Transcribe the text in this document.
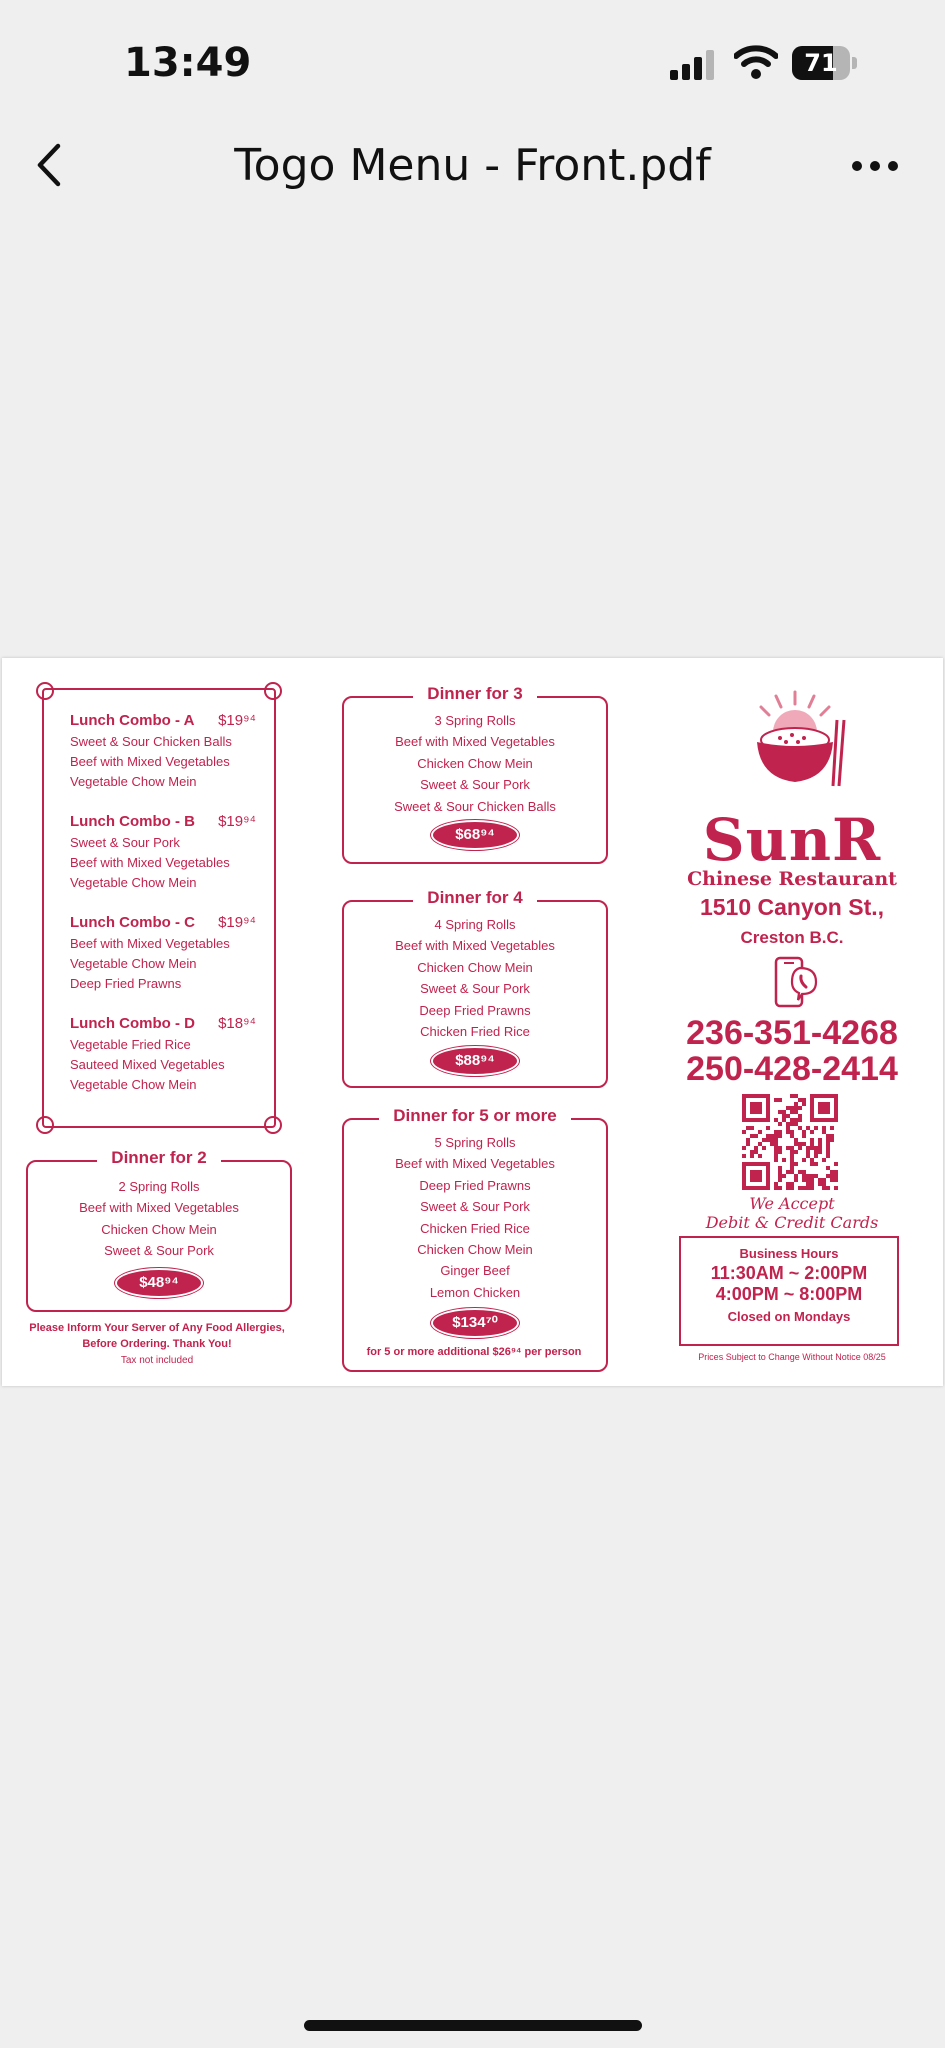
13:49	71
Togo Menu - Front.pdf
Lunch Combo - A $19⁹⁴
Sweet & Sour Chicken Balls
Beef with Mixed Vegetables
Vegetable Chow Mein
Lunch Combo - B $19⁹⁴
Sweet & Sour Pork
Beef with Mixed Vegetables
Vegetable Chow Mein
Lunch Combo - C $19⁹⁴
Beef with Mixed Vegetables
Vegetable Chow Mein
Deep Fried Prawns
Lunch Combo - D $18⁹⁴
Vegetable Fried Rice
Sauteed Mixed Vegetables
Vegetable Chow Mein
Dinner for 2
2 Spring Rolls
Beef with Mixed Vegetables
Chicken Chow Mein
Sweet & Sour Pork
$48⁹⁴
Please Inform Your Server of Any Food Allergies,
Before Ordering. Thank You!
Tax not included
Dinner for 3
3 Spring Rolls
Beef with Mixed Vegetables
Chicken Chow Mein
Sweet & Sour Pork
Sweet & Sour Chicken Balls
$68⁹⁴
Dinner for 4
4 Spring Rolls
Beef with Mixed Vegetables
Chicken Chow Mein
Sweet & Sour Pork
Deep Fried Prawns
Chicken Fried Rice
$88⁹⁴
Dinner for 5 or more
5 Spring Rolls
Beef with Mixed Vegetables
Deep Fried Prawns
Sweet & Sour Pork
Chicken Fried Rice
Chicken Chow Mein
Ginger Beef
Lemon Chicken
$134⁷⁰
for 5 or more additional $26⁹⁴ per person
SunR
Chinese Restaurant
1510 Canyon St.,
Creston B.C.
236-351-4268
250-428-2414
We Accept
Debit & Credit Cards
Business Hours
11:30AM ~ 2:00PM
4:00PM ~ 8:00PM
Closed on Mondays
Prices Subject to Change Without Notice 08/25
